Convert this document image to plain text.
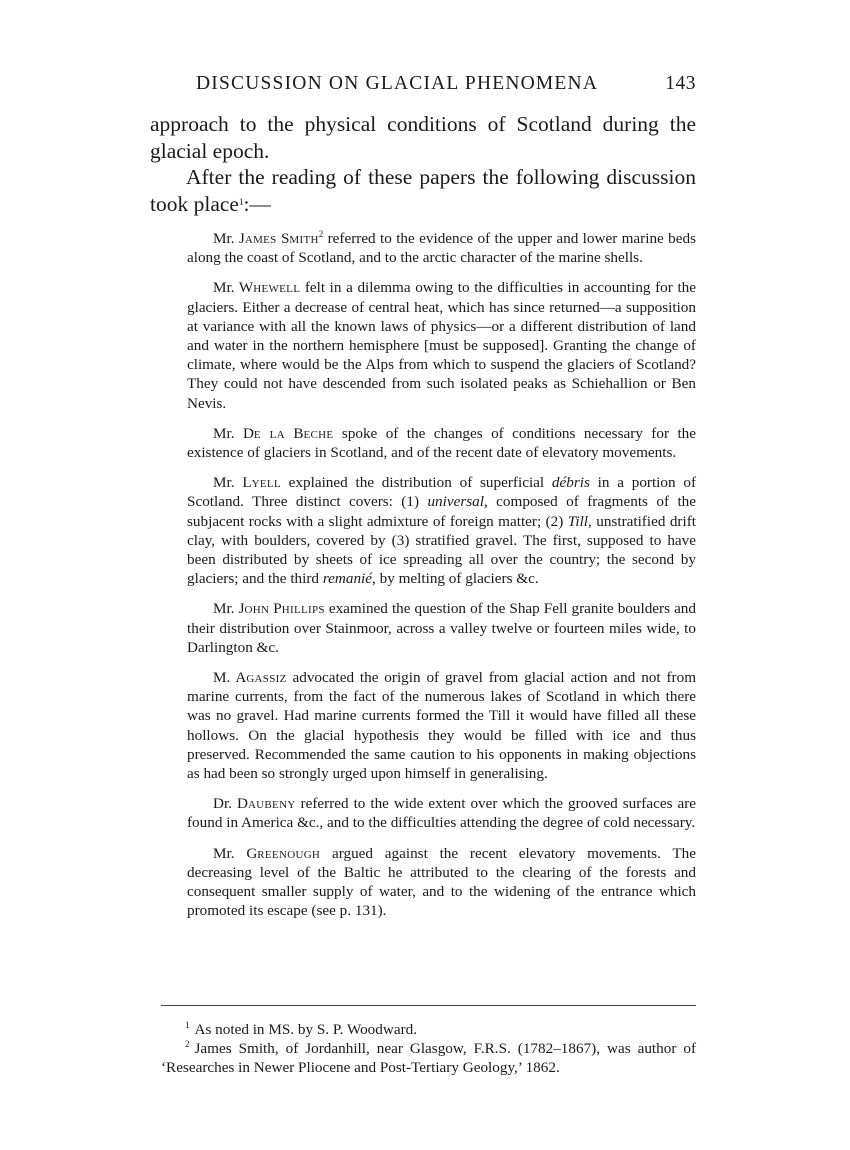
DISCUSSION ON GLACIAL PHENOMENA	143

approach to the physical conditions of Scotland during the glacial epoch.

After the reading of these papers the following discussion took place$^1$:—

Mr. James Smith$^2$ referred to the evidence of the upper and lower marine beds along the coast of Scotland, and to the arctic character of the marine shells.

Mr. Whewell felt in a dilemma owing to the difficulties in accounting for the glaciers. Either a decrease of central heat, which has since returned—a supposition at variance with all the known laws of physics—or a different distribution of land and water in the northern hemisphere [must be supposed]. Granting the change of climate, where would be the Alps from which to suspend the glaciers of Scotland? They could not have descended from such isolated peaks as Schiehallion or Ben Nevis.

Mr. De la Beche spoke of the changes of conditions necessary for the existence of glaciers in Scotland, and of the recent date of elevatory movements.

Mr. Lyell explained the distribution of superficial débris in a portion of Scotland. Three distinct covers: (1) universal, composed of fragments of the subjacent rocks with a slight admixture of foreign matter; (2) Till, unstratified drift clay, with boulders, covered by (3) stratified gravel. The first, supposed to have been distributed by sheets of ice spreading all over the country; the second by glaciers; and the third remanié, by melting of glaciers &c.

Mr. John Phillips examined the question of the Shap Fell granite boulders and their distribution over Stainmoor, across a valley twelve or fourteen miles wide, to Darlington &c.

M. Agassiz advocated the origin of gravel from glacial action and not from marine currents, from the fact of the numerous lakes of Scotland in which there was no gravel. Had marine currents formed the Till it would have filled all these hollows. On the glacial hypothesis they would be filled with ice and thus preserved. Recommended the same caution to his opponents in making objections as had been so strongly urged upon himself in generalising.

Dr. Daubeny referred to the wide extent over which the grooved surfaces are found in America &c., and to the difficulties attending the degree of cold necessary.

Mr. Greenough argued against the recent elevatory movements. The decreasing level of the Baltic he attributed to the clearing of the forests and consequent smaller supply of water, and to the widening of the entrance which promoted its escape (see p. 131).

$^1$ As noted in MS. by S. P. Woodward.

$^2$ James Smith, of Jordanhill, near Glasgow, F.R.S. (1782–1867), was author of ‘Researches in Newer Pliocene and Post-Tertiary Geology,’ 1862.
